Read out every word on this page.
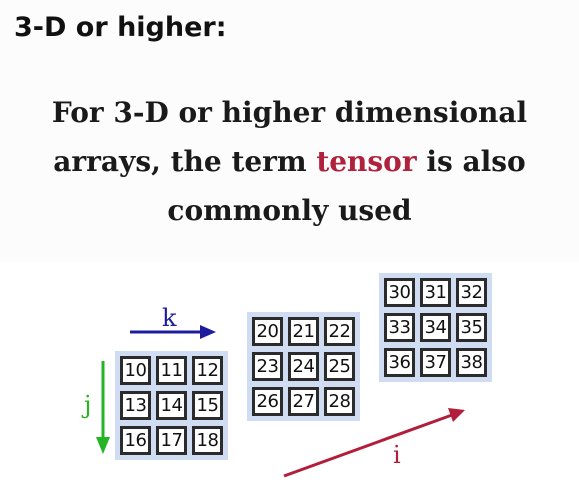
3-D or higher:
For 3-D or higher dimensional
arrays, the term tensor is also
commonly used
30 31 32
33 34 35
36 37 38
20 21 22
23 24 25
26 27 28
10 11 12
13 14 15
16 17 18
k
j
i
